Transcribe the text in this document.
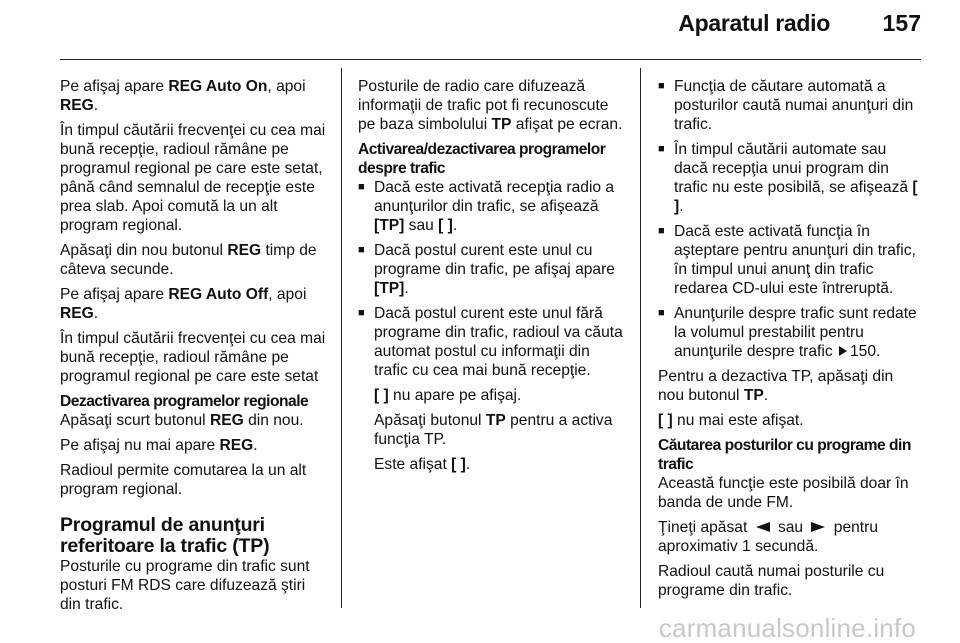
Aparatul radio 157

Pe afişaj apare REG Auto On, apoi
REG.

În timpul căutării frecvenţei cu cea mai bună recepţie, radioul rămâne pe programul regional pe care este setat, până când semnalul de recepţie este prea slab. Apoi comută la un alt program regional.

Apăsaţi din nou butonul REG timp de câteva secunde.

Pe afişaj apare REG Auto Off, apoi
REG.

În timpul căutării frecvenţei cu cea mai bună recepţie, radioul rămâne pe programul regional pe care este setat

Dezactivarea programelor regionale

Apăsaţi scurt butonul REG din nou.

Pe afişaj nu mai apare REG.

Radioul permite comutarea la un alt program regional.

Programul de anunţuri referitoare la trafic (TP)

Posturile cu programe din trafic sunt posturi FM RDS care difuzează ştiri din trafic.

Posturile de radio care difuzează informaţii de trafic pot fi recunoscute pe baza simbolului TP afişat pe ecran.

Activarea/dezactivarea programelor despre trafic

■ Dacă este activată recepţia radio a anunţurilor din trafic, se afişează [TP] sau [ ].
■ Dacă postul curent este unul cu programe din trafic, pe afişaj apare [TP].
■ Dacă postul curent este unul fără programe din trafic, radioul va căuta automat postul cu informaţii din trafic cu cea mai bună recepţie.

[ ] nu apare pe afişaj.

Apăsaţi butonul TP pentru a activa funcţia TP.

Este afişat [ ].

■ Funcţia de căutare automată a posturilor caută numai anunţuri din trafic.
■ În timpul căutării automate sau dacă recepţia unui program din trafic nu este posibilă, se afişează [ ].
■ Dacă este activată funcţia în aşteptare pentru anunţuri din trafic, în timpul unui anunţ din trafic redarea CD-ului este întreruptă.
■ Anunţurile despre trafic sunt redate la volumul prestabilit pentru anunţurile despre trafic 150.

Pentru a dezactiva TP, apăsaţi din nou butonul TP.

[ ] nu mai este afişat.

Căutarea posturilor cu programe din trafic

Această funcţie este posibilă doar în banda de unde FM.

Ţineţi apăsat  sau  pentru aproximativ 1 secundă.

Radioul caută numai posturile cu programe din trafic.

carmanualsonline.info
